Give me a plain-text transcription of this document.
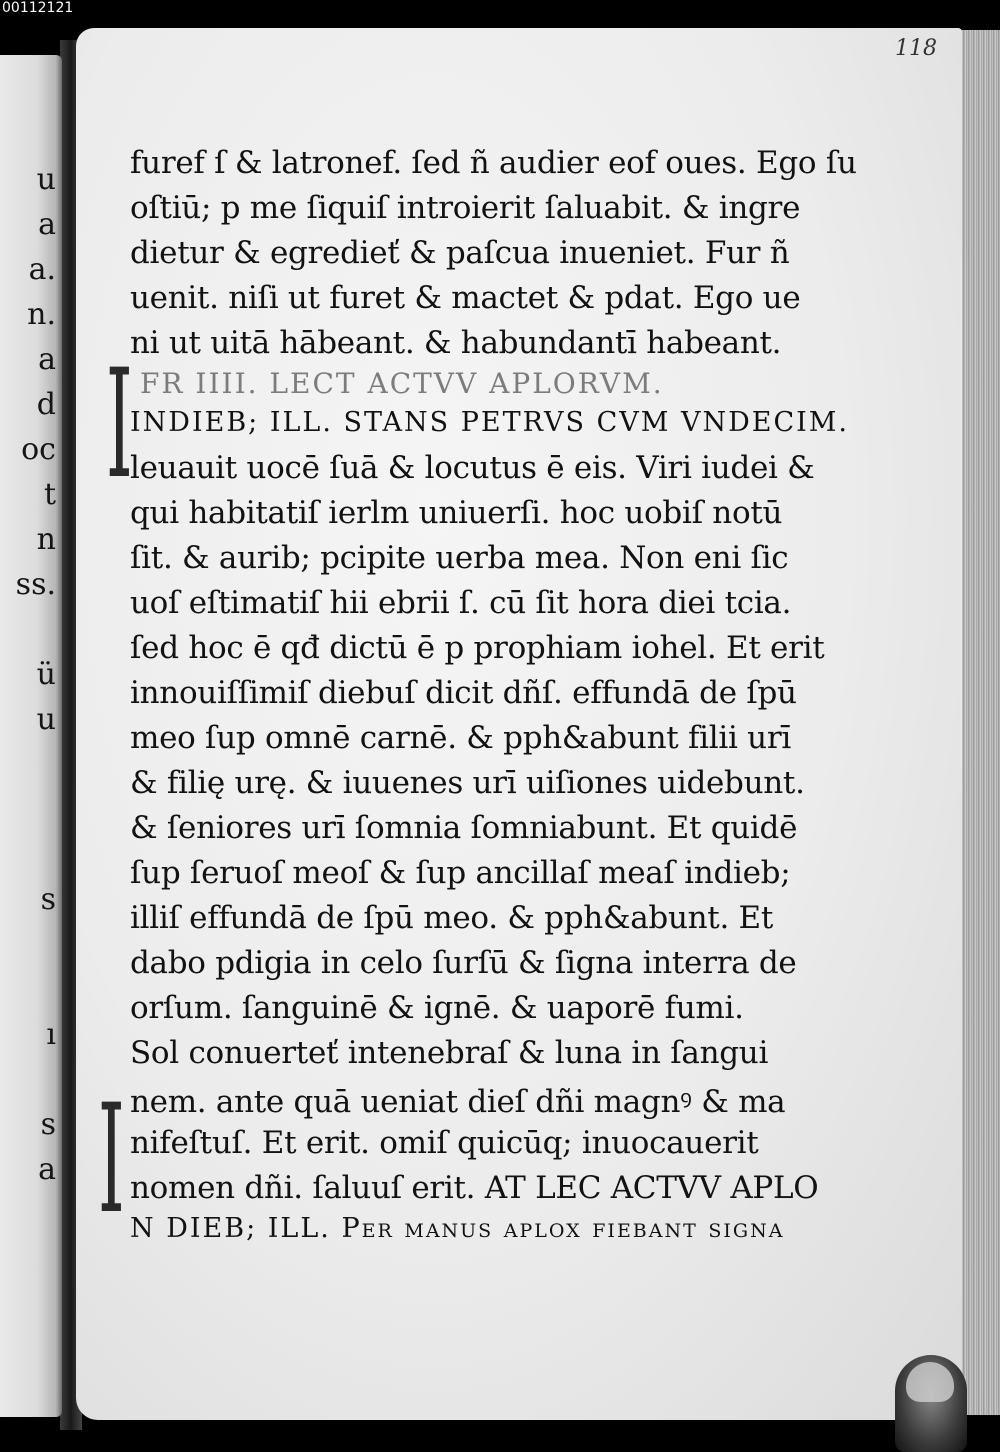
00112121
u
a
a.
n.
a
d
oc
t
n
ss.
ü
u
s
ı
s
a
118
I
I
furef ſ & latronef. ſed ñ audier eof oues. Ego ſu
oſtiū; p me ſiquiſ introierit ſaluabit. & ingre
dietur & egredieť & paſcua inueniet. Fur ñ
uenit. niſi ut furet & mactet & pdat. Ego ue
ni ut uitā hābeant. & habundantī habeant.
FR IIII. LECT ACTVV APLORVM.
INDIEB; ILL. STANS PETRVS CVM VNDECIM.
leuauit uocē ſuā & locutus ē eis. Viri iudei &
qui habitatiſ ierlm uniuerſi. hoc uobiſ notū
ſit. & aurib; pcipite uerba mea. Non eni ſic
uoſ eſtimatiſ hii ebrii ſ. cū ſit hora diei tcia.
ſed hoc ē qđ dictū ē p prophiam iohel. Et erit
innouiſſimiſ diebuſ dicit dñſ. effundā de ſpū
meo ſup omnē carnē. & pph&abunt filii urī
& filię urę. & iuuenes urī uiſiones uidebunt.
& ſeniores urī ſomnia ſomniabunt. Et quidē
ſup ſeruoſ meoſ & ſup ancillaſ meaſ indieb;
illiſ effundā de ſpū meo. & pph&abunt. Et
dabo pdigia in celo ſurſū & ſigna interra de
orſum. ſanguinē & ignē. & uaporē fumi.
Sol conuerteť intenebraſ & luna in ſangui
nem. ante quā ueniat dieſ dñi magnꝰ & ma
nifeſtuſ. Et erit. omiſ quicūq; inuocauerit
nomen dñi. ſaluuſ erit. AT LEC ACTVV APLO
N DIEB; ILL. Per manuſ aplox fiebant ſigna
